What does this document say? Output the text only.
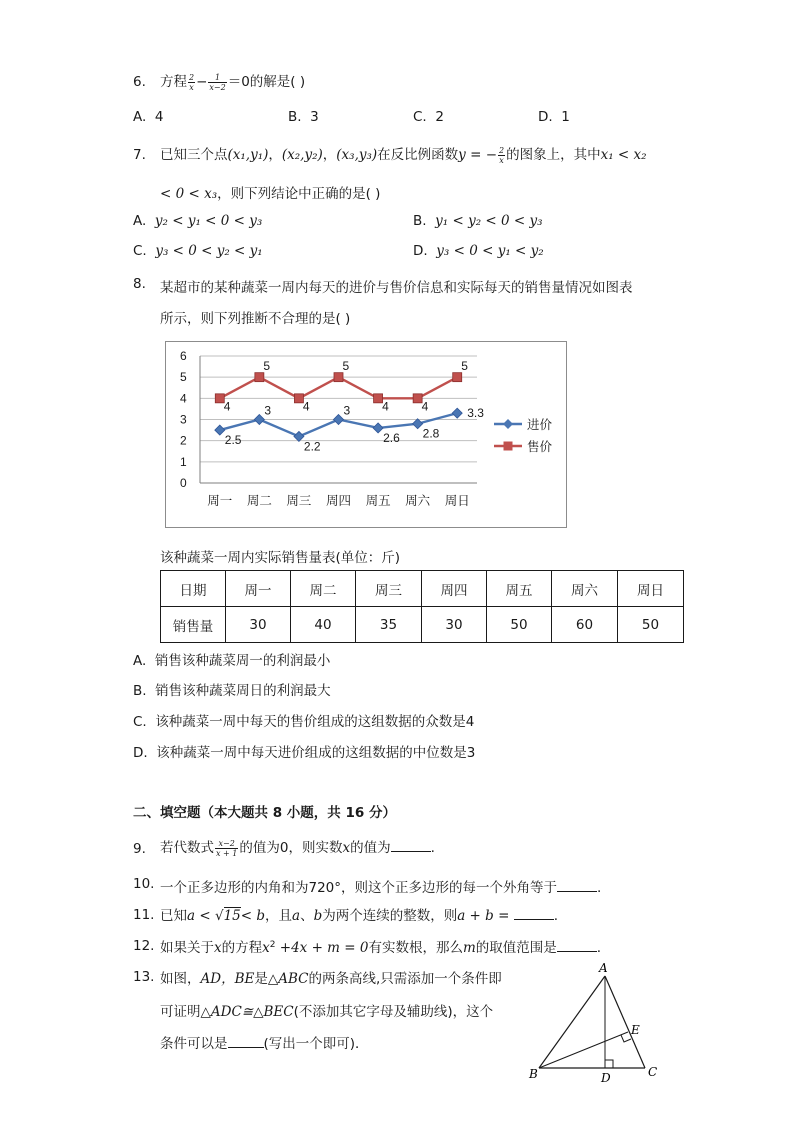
6. 方程 $\frac{2}{x} - \frac{1}{x-2} =0$的解是( )
A. 4	B. 3	C. 2	D. 1
7. 已知三个点(x₁,y₁)，(x₂,y₂)，(x₃,y₃)在反比例函数y = − $\frac{2}{x}$ 的图象上，其中x₁ < x₂
< 0 < x₃，则下列结论中正确的是( )
A. y₂ < y₁ < 0 < y₃	B. y₁ < y₂ < 0 < y₃
C. y₃ < 0 < y₂ < y₁	D. y₃ < 0 < y₁ < y₂
8. 某超市的某种蔬菜一周内每天的进价与售价信息和实际每天的销售量情况如图表
所示，则下列推断不合理的是( )
0
1
2
3
4
5
6
周一 周二 周三 周四 周五 周六 周日
2.5
3
2.2
3
2.6 2.8
3.3
进价
4
5
4
5
4	4
5
售价
该种蔬菜一周内实际销售量表(单位：斤)
日期	周一	周二	周三	周四	周五	周六	周日
销售量	30	40	35	30	50	60	50
A. 销售该种蔬菜周一的利润最小
B. 销售该种蔬菜周日的利润最大
C. 该种蔬菜一周中每天的售价组成的这组数据的众数是4
D. 该种蔬菜一周中每天进价组成的这组数据的中位数是3
二、填空题（本大题共 8 小题，共 16 分）
9. 若代数式 $\frac{x-2}{x + 1}$ 的值为0，则实数x的值为	.
10. 一个正多边形的内角和为720°，则这个正多边形的每一个外角等于	.
11. 已知a < √15< b，且a、b为两个连续的整数，则a + b =	.
12. 如果关于x的方程$x^2 +4x + m = 0$有实数根，那么m的取值范围是	.
13. 如图，AD，BE是△ABC的两条高线,只需添加一个条件即
可证明△ADC≅△BEC(不添加其它字母及辅助线)，这个
条件可以是	(写出一个即可)．
A
B	C
D
E
